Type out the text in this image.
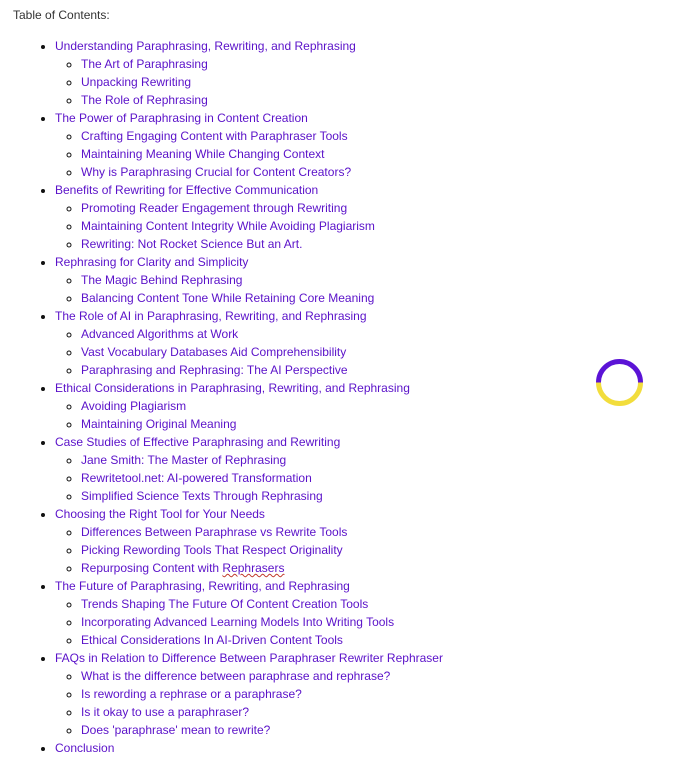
Table of Contents:
• Understanding Paraphrasing, Rewriting, and Rephrasing
◦ The Art of Paraphrasing
◦ Unpacking Rewriting
◦ The Role of Rephrasing
• The Power of Paraphrasing in Content Creation
◦ Crafting Engaging Content with Paraphraser Tools
◦ Maintaining Meaning While Changing Context
◦ Why is Paraphrasing Crucial for Content Creators?
• Benefits of Rewriting for Effective Communication
◦ Promoting Reader Engagement through Rewriting
◦ Maintaining Content Integrity While Avoiding Plagiarism
◦ Rewriting: Not Rocket Science But an Art.
• Rephrasing for Clarity and Simplicity
◦ The Magic Behind Rephrasing
◦ Balancing Content Tone While Retaining Core Meaning
• The Role of AI in Paraphrasing, Rewriting, and Rephrasing
◦ Advanced Algorithms at Work
◦ Vast Vocabulary Databases Aid Comprehensibility
◦ Paraphrasing and Rephrasing: The AI Perspective
• Ethical Considerations in Paraphrasing, Rewriting, and Rephrasing
◦ Avoiding Plagiarism
◦ Maintaining Original Meaning
• Case Studies of Effective Paraphrasing and Rewriting
◦ Jane Smith: The Master of Rephrasing
◦ Rewritetool.net: AI-powered Transformation
◦ Simplified Science Texts Through Rephrasing
• Choosing the Right Tool for Your Needs
◦ Differences Between Paraphrase vs Rewrite Tools
◦ Picking Rewording Tools That Respect Originality
◦ Repurposing Content with Rephrasers
• The Future of Paraphrasing, Rewriting, and Rephrasing
◦ Trends Shaping The Future Of Content Creation Tools
◦ Incorporating Advanced Learning Models Into Writing Tools
◦ Ethical Considerations In AI-Driven Content Tools
• FAQs in Relation to Difference Between Paraphraser Rewriter Rephraser
◦ What is the difference between paraphrase and rephrase?
◦ Is rewording a rephrase or a paraphrase?
◦ Is it okay to use a paraphraser?
◦ Does 'paraphrase' mean to rewrite?
• Conclusion
